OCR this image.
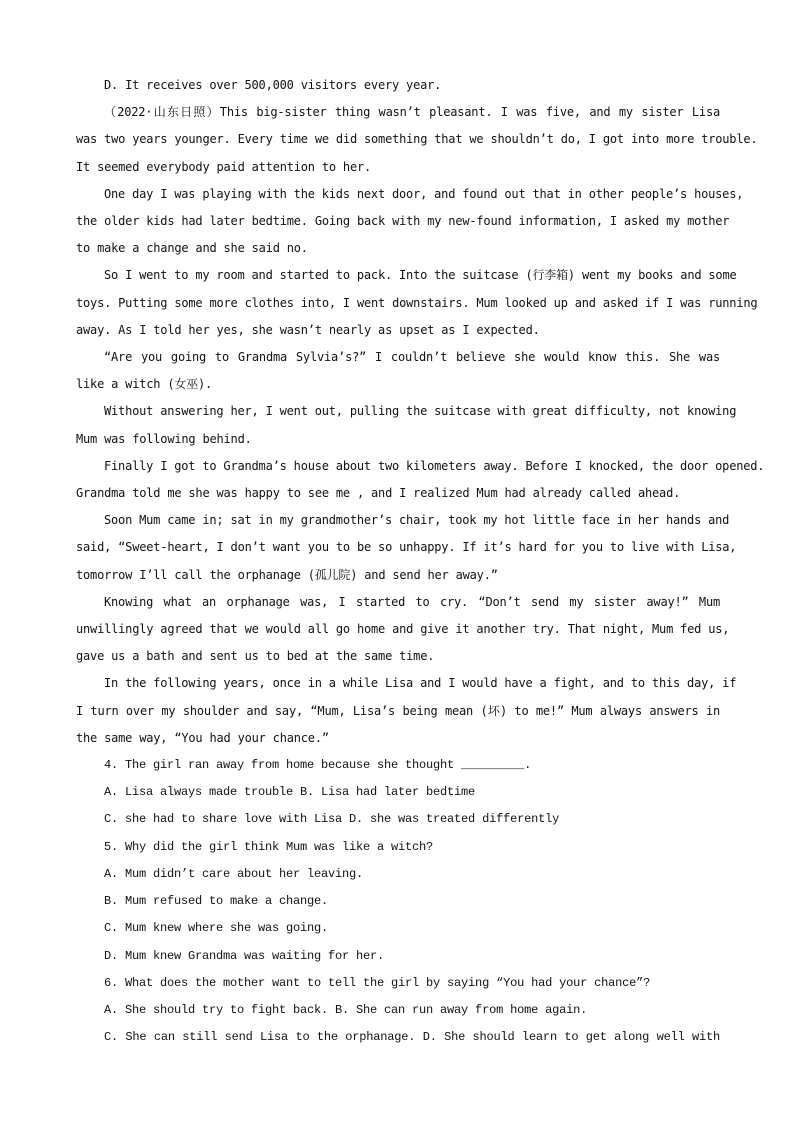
D. It receives over 500,000 visitors every year.
（2022·山东日照）This big-sister thing wasn’t pleasant. I was five, and my sister Lisa
was two years younger. Every time we did something that we shouldn’t do, I got into more trouble.
It seemed everybody paid attention to her.
One day I was playing with the kids next door, and found out that in other people’s houses,
the older kids had later bedtime. Going back with my new-found information, I asked my mother
to make a change and she said no.
So I went to my room and started to pack. Into the suitcase (行李箱) went my books and some
toys. Putting some more clothes into, I went downstairs. Mum looked up and asked if I was running
away. As I told her yes, she wasn’t nearly as upset as I expected.
“Are you going to Grandma Sylvia’s?” I couldn’t believe she would know this. She was
like a witch (女巫).
Without answering her, I went out, pulling the suitcase with great difficulty, not knowing
Mum was following behind.
Finally I got to Grandma’s house about two kilometers away. Before I knocked, the door opened.
Grandma told me she was happy to see me , and I realized Mum had already called ahead.
Soon Mum came in; sat in my grandmother’s chair, took my hot little face in her hands and
said, “Sweet-heart, I don’t want you to be so unhappy. If it’s hard for you to live with Lisa,
tomorrow I’ll call the orphanage (孤儿院) and send her away.”
Knowing what an orphanage was, I started to cry. “Don’t send my sister away!” Mum
unwillingly agreed that we would all go home and give it another try. That night, Mum fed us,
gave us a bath and sent us to bed at the same time.
In the following years, once in a while Lisa and I would have a fight, and to this day, if
I turn over my shoulder and say, “Mum, Lisa’s being mean (坏) to me!” Mum always answers in
the same way, “You had your chance.”
4. The girl ran away from home because she thought _________.
A. Lisa always made trouble B. Lisa had later bedtime
C. she had to share love with Lisa D. she was treated differently
5. Why did the girl think Mum was like a witch?
A. Mum didn’t care about her leaving.
B. Mum refused to make a change.
C. Mum knew where she was going.
D. Mum knew Grandma was waiting for her.
6. What does the mother want to tell the girl by saying “You had your chance”?
A. She should try to fight back. B. She can run away from home again.
C. She can still send Lisa to the orphanage. D. She should learn to get along well with
